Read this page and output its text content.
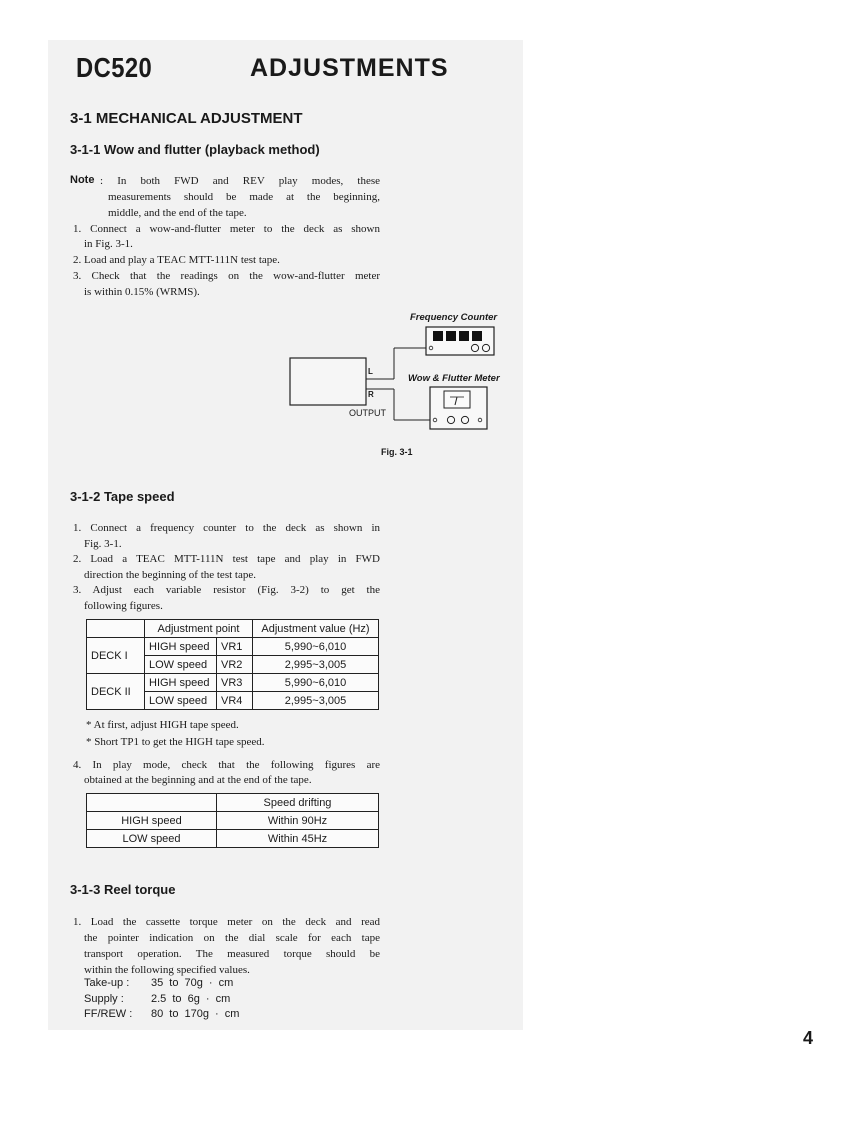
DC520	ADJUSTMENTS
3-1 MECHANICAL ADJUSTMENT
3-1-1 Wow and flutter (playback method)
Note : In both FWD and REV play modes, these
measurements should be made at the beginning,
middle, and the end of the tape.
1. Connect a wow-and-flutter meter to the deck as shown
in Fig. 3-1.
2. Load and play a TEAC MTT-111N test tape.
3. Check that the readings on the wow-and-flutter meter
is within 0.15% (WRMS).
Frequency Counter
Wow & Flutter Meter
L
R
OUTPUT
Fig. 3-1
3-1-2 Tape speed
1. Connect a frequency counter to the deck as shown in
Fig. 3-1.
2. Load a TEAC MTT-111N test tape and play in FWD
direction the beginning of the test tape.
3. Adjust each variable resistor (Fig. 3-2) to get the
following figures.
	Adjustment point		Adjustment value (Hz)
DECK I	HIGH speed	VR1	5,990~6,010
	LOW speed	VR2	2,995~3,005
DECK II	HIGH speed	VR3	5,990~6,010
	LOW speed	VR4	2,995~3,005
* At first, adjust HIGH tape speed.
* Short TP1 to get the HIGH tape speed.
4. In play mode, check that the following figures are
obtained at the beginning and at the end of the tape.
	Speed drifting
HIGH speed	Within 90Hz
LOW speed	Within 45Hz
3-1-3 Reel torque
1. Load the cassette torque meter on the deck and read
the pointer indication on the dial scale for each tape
transport operation. The measured torque should be
within the following specified values.
Take-up : 35 to 70g · cm
Supply : 2.5 to 6g · cm
FF/REW : 80 to 170g · cm
4
